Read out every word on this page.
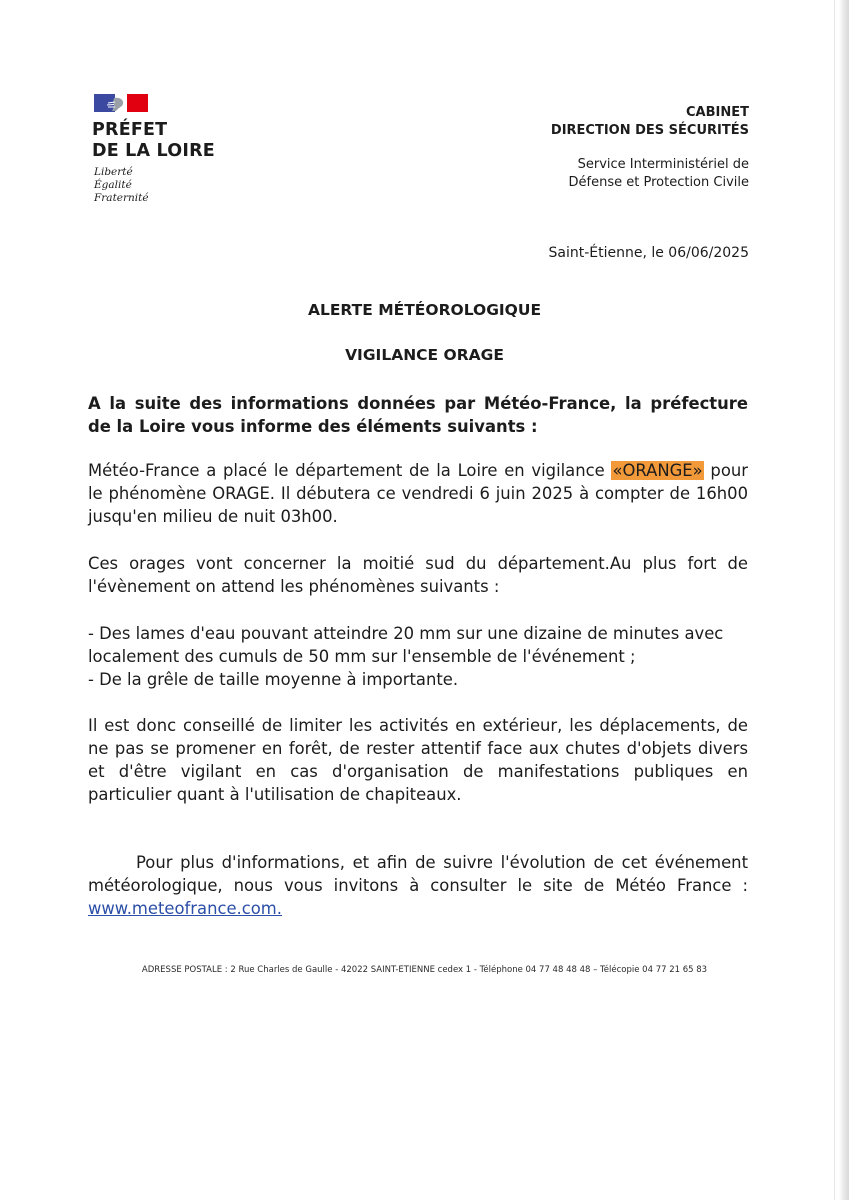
PRÉFET
DE LA LOIRE
Liberté
Égalité
Fraternité
CABINET
DIRECTION DES SÉCURITÉS
Service Interministériel de
Défense et Protection Civile
Saint-Étienne, le 06/06/2025
ALERTE MÉTÉOROLOGIQUE
VIGILANCE ORAGE
A la suite des informations données par Météo-France, la préfecture de la Loire vous informe des éléments suivants :
Météo-France a placé le département de la Loire en vigilance «ORANGE» pour le phénomène ORAGE. Il débutera ce vendredi 6 juin 2025 à compter de 16h00 jusqu'en milieu de nuit 03h00.
Ces orages vont concerner la moitié sud du département.Au plus fort de l'évènement on attend les phénomènes suivants :
- Des lames d'eau pouvant atteindre 20 mm sur une dizaine de minutes avec localement des cumuls de 50 mm sur l'ensemble de l'événement ;
- De la grêle de taille moyenne à importante.
Il est donc conseillé de limiter les activités en extérieur, les déplacements, de ne pas se promener en forêt, de rester attentif face aux chutes d'objets divers et d'être vigilant en cas d'organisation de manifestations publiques en particulier quant à l'utilisation de chapiteaux.
Pour plus d'informations, et afin de suivre l'évolution de cet événement météorologique, nous vous invitons à consulter le site de Météo France : www.meteofrance.com.
ADRESSE POSTALE : 2 Rue Charles de Gaulle - 42022 SAINT-ETIENNE cedex 1 - Téléphone 04 77 48 48 48 – Télécopie 04 77 21 65 83
